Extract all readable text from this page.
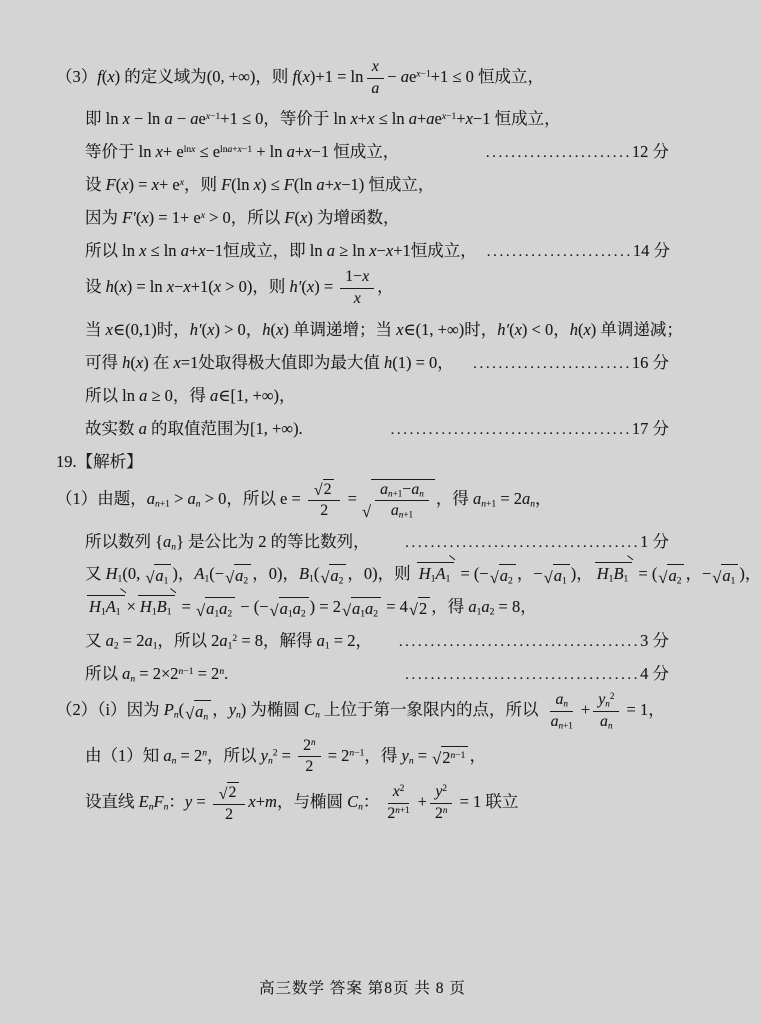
（3）f(x) 的定义域为(0, +∞)，则 $f(x)+1 = \ln \frac{x}{a} - ae^{x-1}+1 \le 0$ 恒成立，
即 $\ln x - \ln a - ae^{x-1}+1 \le 0$，等价于 $\ln x+x \le \ln a+ae^{x-1}+x-1$ 恒成立，
等价于 $\ln x+ e^{lnx} \le e^{lna+x-1} + \ln a+x-1$ 恒成立，	.......................12 分
设 $F(x) = x+ e^x$，则 F(ln x) ≤ F(ln a+x−1) 恒成立，
因为 $F'(x) = 1+ e^x > 0$，所以 F(x) 为增函数，
所以 ln x ≤ ln a+x−1恒成立，即 ln a ≥ ln x−x+1恒成立， .......................14 分
设 h(x) = ln x−x+1(x > 0)，则 $h'(x) = \frac{1-x}{x}$ ，
当 x∈(0,1)时，h′(x) > 0，h(x) 单调递增；当 x∈(1, +∞)时，h′(x) < 0，h(x) 单调递减；
可得 h(x) 在 x=1处取得极大值即为最大值 h(1) = 0，	.........................16 分
所以 ln a ≥ 0，得 a∈[1, +∞)，
故实数 a 的取值范围为[1, +∞).	......................................17 分
19.【解析】
（1）由题，$a_{n+1} > a_n > 0$，所以 $e = \frac{√ 2}{2}$ =
√ $\frac{a_{n+1}-a_n}{a_{n+1}}$ ，得 $a_{n+1} = 2a_n$，
所以数列 $\{a_n\}$ 是公比为 2 的等比数列，	.....................................1 分
又 $H_1(0$, √ $a_1$ )，$A_1(-$ √ $a_2$ ，0)，$B_1$( √ $a_2$ ，0)，则 $H_1A_1$ = (− √ $a_2$ ，− √ $a_1$ )， $H_1B_1$ = ( √ $a_2$ ，− √ $a_1$ )，
$H_1A_1 \times H_1B_1$ = √ $a_1a_2$ − (− √ $a_1a_2$ ) = 2 √ $a_1a_2 = 4$ √ 2 ，得 $a_1a_2 = 8$，
又 $a_2 = 2a_1$，所以 $2a_1^2 = 8$，解得 $a_1 = 2$，	......................................3 分
所以 $a_n = 2\times 2^{n-1} = 2^n$.	.....................................4 分
（2）（i）因为 $P_n$( √ $a_n$ ，$y_n$) 为椭圆 $C_n$ 上位于第一象限内的点，所以 $\frac{a_n}{a_{n+1}} + \frac{y_n^2}{a_n} = 1$，
由（1）知 $a_n = 2^n$，所以 $y_n^2 = \frac{2^n}{2} = 2^{n-1}$，得 $y_n$ = √ $2^{n-1}$ ，
设直线 $E_nF_n$：$y = \frac{√ 2}{2} x+m$，与椭圆 $C_n$： $\frac{x^2}{2^{n+1}} + \frac{y^2}{2^n} = 1$ 联立
高三数学 答案 第8页 共 8 页
